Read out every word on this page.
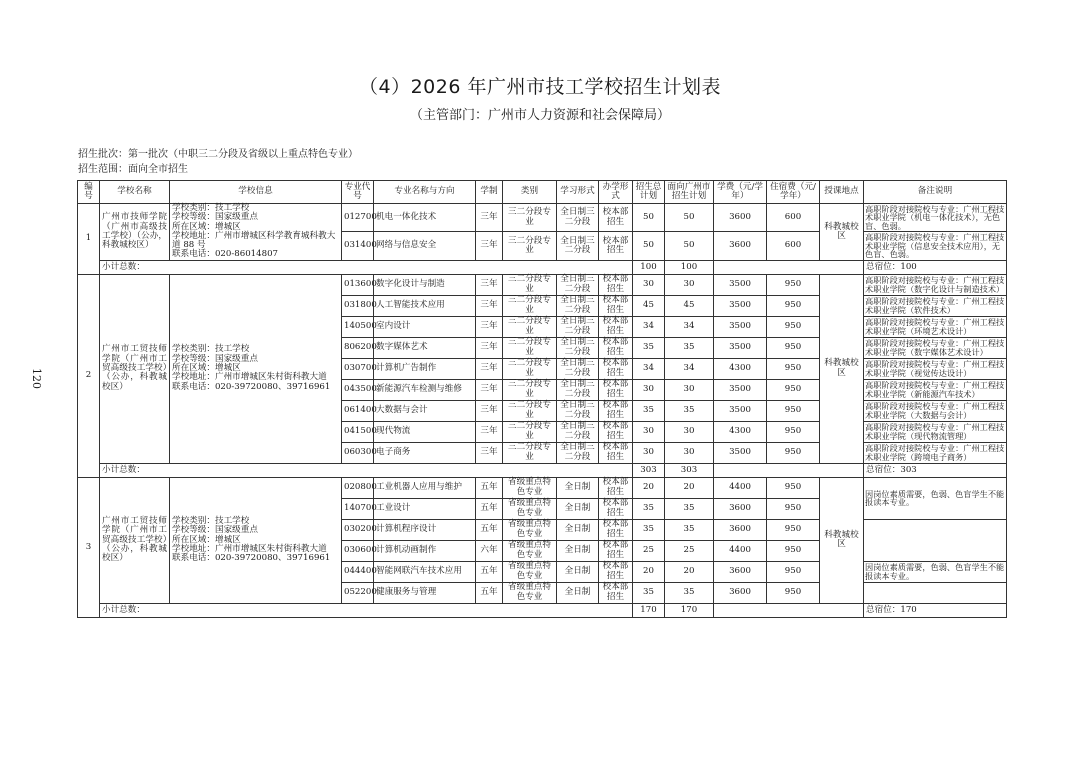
（4）2026 年广州市技工学校招生计划表
（主管部门：广州市人力资源和社会保障局）
招生批次：第一批次（中职三二分段及省级以上重点特色专业）
招生范围：面向全市招生
120
编号	学校名称	学校信息	专业代号	专业名称与方向	学制	类别	学习形式	办学形式	招生总计划	面向广州市招生计划	学费（元/学年）	住宿费（元/学年）	授课地点	备注说明
1	广州市技师学院（广州市高级技工学校）（公办，科教城校区）	学校类别：技工学校
学校等级：国家级重点
所在区域：增城区
学校地址：广州市增城区科学教育城科教大道 88 号
联系电话：020-86014807	012700	机电一体化技术	三年	三二分段专业	全日制三二分段	校本部招生	50	50	3600	600	科教城校区	高职阶段对接院校与专业：广州工程技术职业学院（机电一体化技术），无色盲、色弱。
			031400	网络与信息安全	三年	三二分段专业	全日制三二分段	校本部招生	50	50	3600	600		高职阶段对接院校与专业：广州工程技术职业学院（信息安全技术应用），无色盲、色弱。
	小计总数：								100	100				总宿位：100
2	广州市工贸技师学院（广州市工贸高级技工学校）（公办，科教城校区）	学校类别：技工学校
学校等级：国家级重点
所在区域：增城区
学校地址：广州市增城区朱村街科教大道
联系电话：020-39720080、39716961	013600	数字化设计与制造	三年	三二分段专业	全日制三二分段	校本部招生	30	30	3500	950	科教城校区	高职阶段对接院校与专业：广州工程技术职业学院（数字化设计与制造技术）
			031800	人工智能技术应用	三年	三二分段专业	全日制三二分段	校本部招生	45	45	3500	950		高职阶段对接院校与专业：广州工程技术职业学院（软件技术）
			140500	室内设计	三年	三二分段专业	全日制三二分段	校本部招生	34	34	3500	950		高职阶段对接院校与专业：广州工程技术职业学院（环境艺术设计）
			806200	数字媒体艺术	三年	三二分段专业	全日制三二分段	校本部招生	35	35	3500	950		高职阶段对接院校与专业：广州工程技术职业学院（数字媒体艺术设计）
			030700	计算机广告制作	三年	三二分段专业	全日制三二分段	校本部招生	34	34	4300	950		高职阶段对接院校与专业：广州工程技术职业学院（视觉传达设计）
			043500	新能源汽车检测与维修	三年	三二分段专业	全日制三二分段	校本部招生	30	30	3500	950		高职阶段对接院校与专业：广州工程技术职业学院（新能源汽车技术）
			061400	大数据与会计	三年	三二分段专业	全日制三二分段	校本部招生	35	35	3500	950		高职阶段对接院校与专业：广州工程技术职业学院（大数据与会计）
			041500	现代物流	三年	三二分段专业	全日制三二分段	校本部招生	30	30	4300	950		高职阶段对接院校与专业：广州工程技术职业学院（现代物流管理）
			060300	电子商务	三年	三二分段专业	全日制三二分段	校本部招生	30	30	3500	950		高职阶段对接院校与专业：广州工程技术职业学院（跨境电子商务）
	小计总数：								303	303				总宿位：303
3	广州市工贸技师学院（广州市工贸高级技工学校）（公办，科教城校区）	学校类别：技工学校
学校等级：国家级重点
所在区域：增城区
学校地址：广州市增城区朱村街科教大道
联系电话：020-39720080、39716961	020800	工业机器人应用与维护	五年	省级重点特色专业	全日制	校本部招生	20	20	4400	950	科教城校区	因岗位素质需要，色弱、色盲学生不能报读本专业。
			140700	工业设计	五年	省级重点特色专业	全日制	校本部招生	35	35	3600	950		
			030200	计算机程序设计	五年	省级重点特色专业	全日制	校本部招生	35	35	3600	950		
			030600	计算机动画制作	六年	省级重点特色专业	全日制	校本部招生	25	25	4400	950		
			044400	智能网联汽车技术应用	五年	省级重点特色专业	全日制	校本部招生	20	20	3600	950		因岗位素质需要，色弱、色盲学生不能报读本专业。
			052200	健康服务与管理	五年	省级重点特色专业	全日制	校本部招生	35	35	3600	950		
	小计总数：								170	170				总宿位：170
